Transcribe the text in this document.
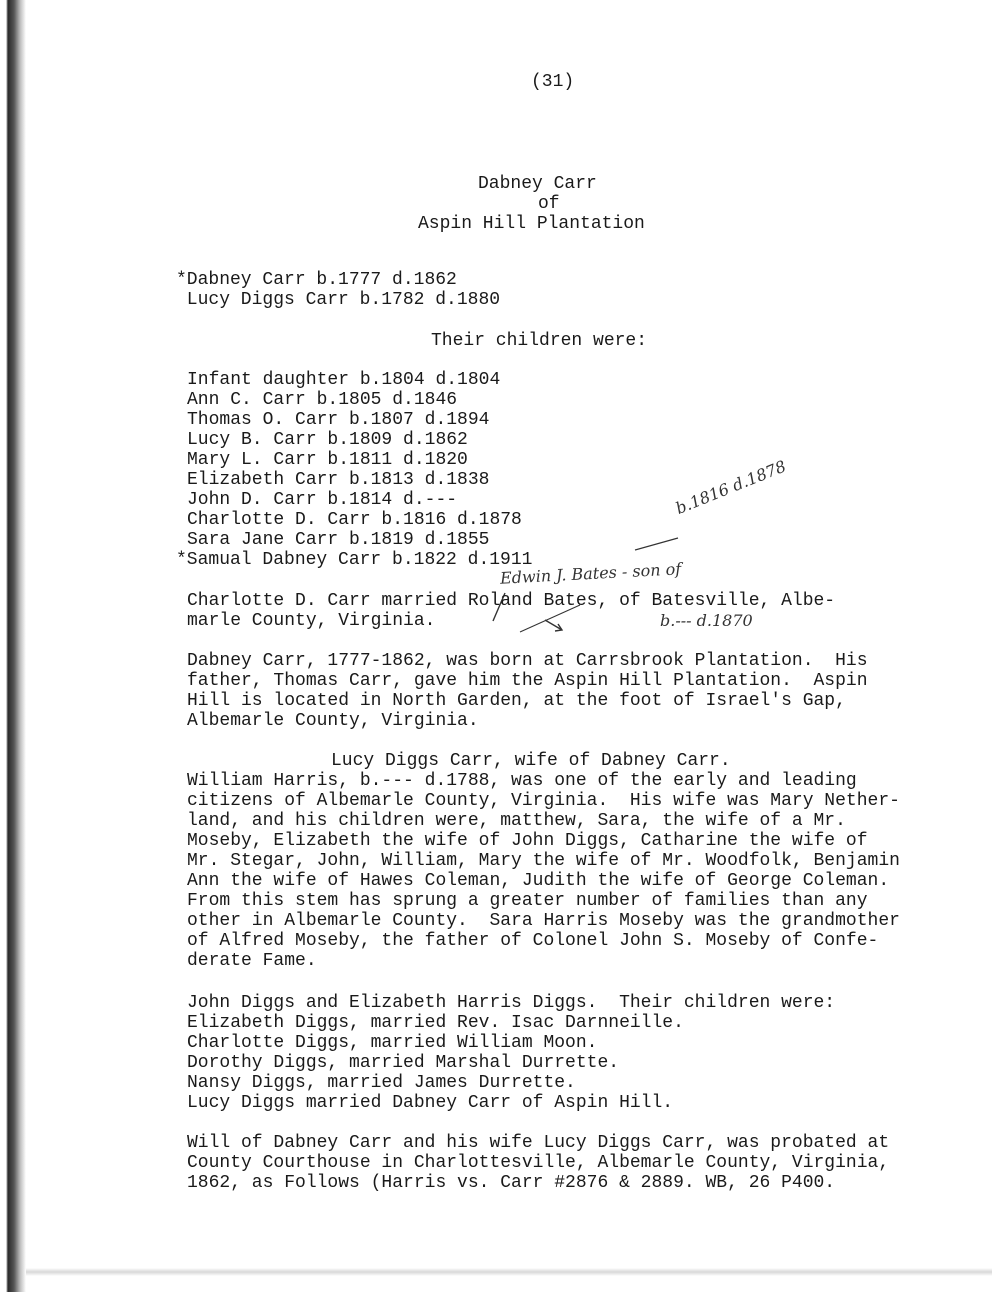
(31)
Dabney Carr
of
Aspin Hill Plantation
*Dabney Carr b.1777 d.1862
Lucy Diggs Carr b.1782 d.1880
Their children were:
Infant daughter b.1804 d.1804
Ann C. Carr b.1805 d.1846
Thomas O. Carr b.1807 d.1894
Lucy B. Carr b.1809 d.1862
Mary L. Carr b.1811 d.1820
Elizabeth Carr b.1813 d.1838
John D. Carr b.1814 d.---
Charlotte D. Carr b.1816 d.1878
Sara Jane Carr b.1819 d.1855
*Samual Dabney Carr b.1822 d.1911
b.1816 d.1878
Edwin J. Bates - son of
b.--- d.1870
Charlotte D. Carr married Roland Bates, of Batesville, Albe-
marle County, Virginia.
Dabney Carr, 1777-1862, was born at Carrsbrook Plantation.  His
father, Thomas Carr, gave him the Aspin Hill Plantation.  Aspin
Hill is located in North Garden, at the foot of Israel's Gap,
Albemarle County, Virginia.
Lucy Diggs Carr, wife of Dabney Carr.
William Harris, b.--- d.1788, was one of the early and leading
citizens of Albemarle County, Virginia.  His wife was Mary Nether-
land, and his children were, matthew, Sara, the wife of a Mr.
Moseby, Elizabeth the wife of John Diggs, Catharine the wife of
Mr. Stegar, John, William, Mary the wife of Mr. Woodfolk, Benjamin
Ann the wife of Hawes Coleman, Judith the wife of George Coleman.
From this stem has sprung a greater number of families than any
other in Albemarle County.  Sara Harris Moseby was the grandmother
of Alfred Moseby, the father of Colonel John S. Moseby of Confe-
derate Fame.
John Diggs and Elizabeth Harris Diggs.  Their children were:
Elizabeth Diggs, married Rev. Isac Darnneille.
Charlotte Diggs, married William Moon.
Dorothy Diggs, married Marshal Durrette.
Nansy Diggs, married James Durrette.
Lucy Diggs married Dabney Carr of Aspin Hill.
Will of Dabney Carr and his wife Lucy Diggs Carr, was probated at
County Courthouse in Charlottesville, Albemarle County, Virginia,
1862, as Follows (Harris vs. Carr #2876 & 2889. WB, 26 P400.
